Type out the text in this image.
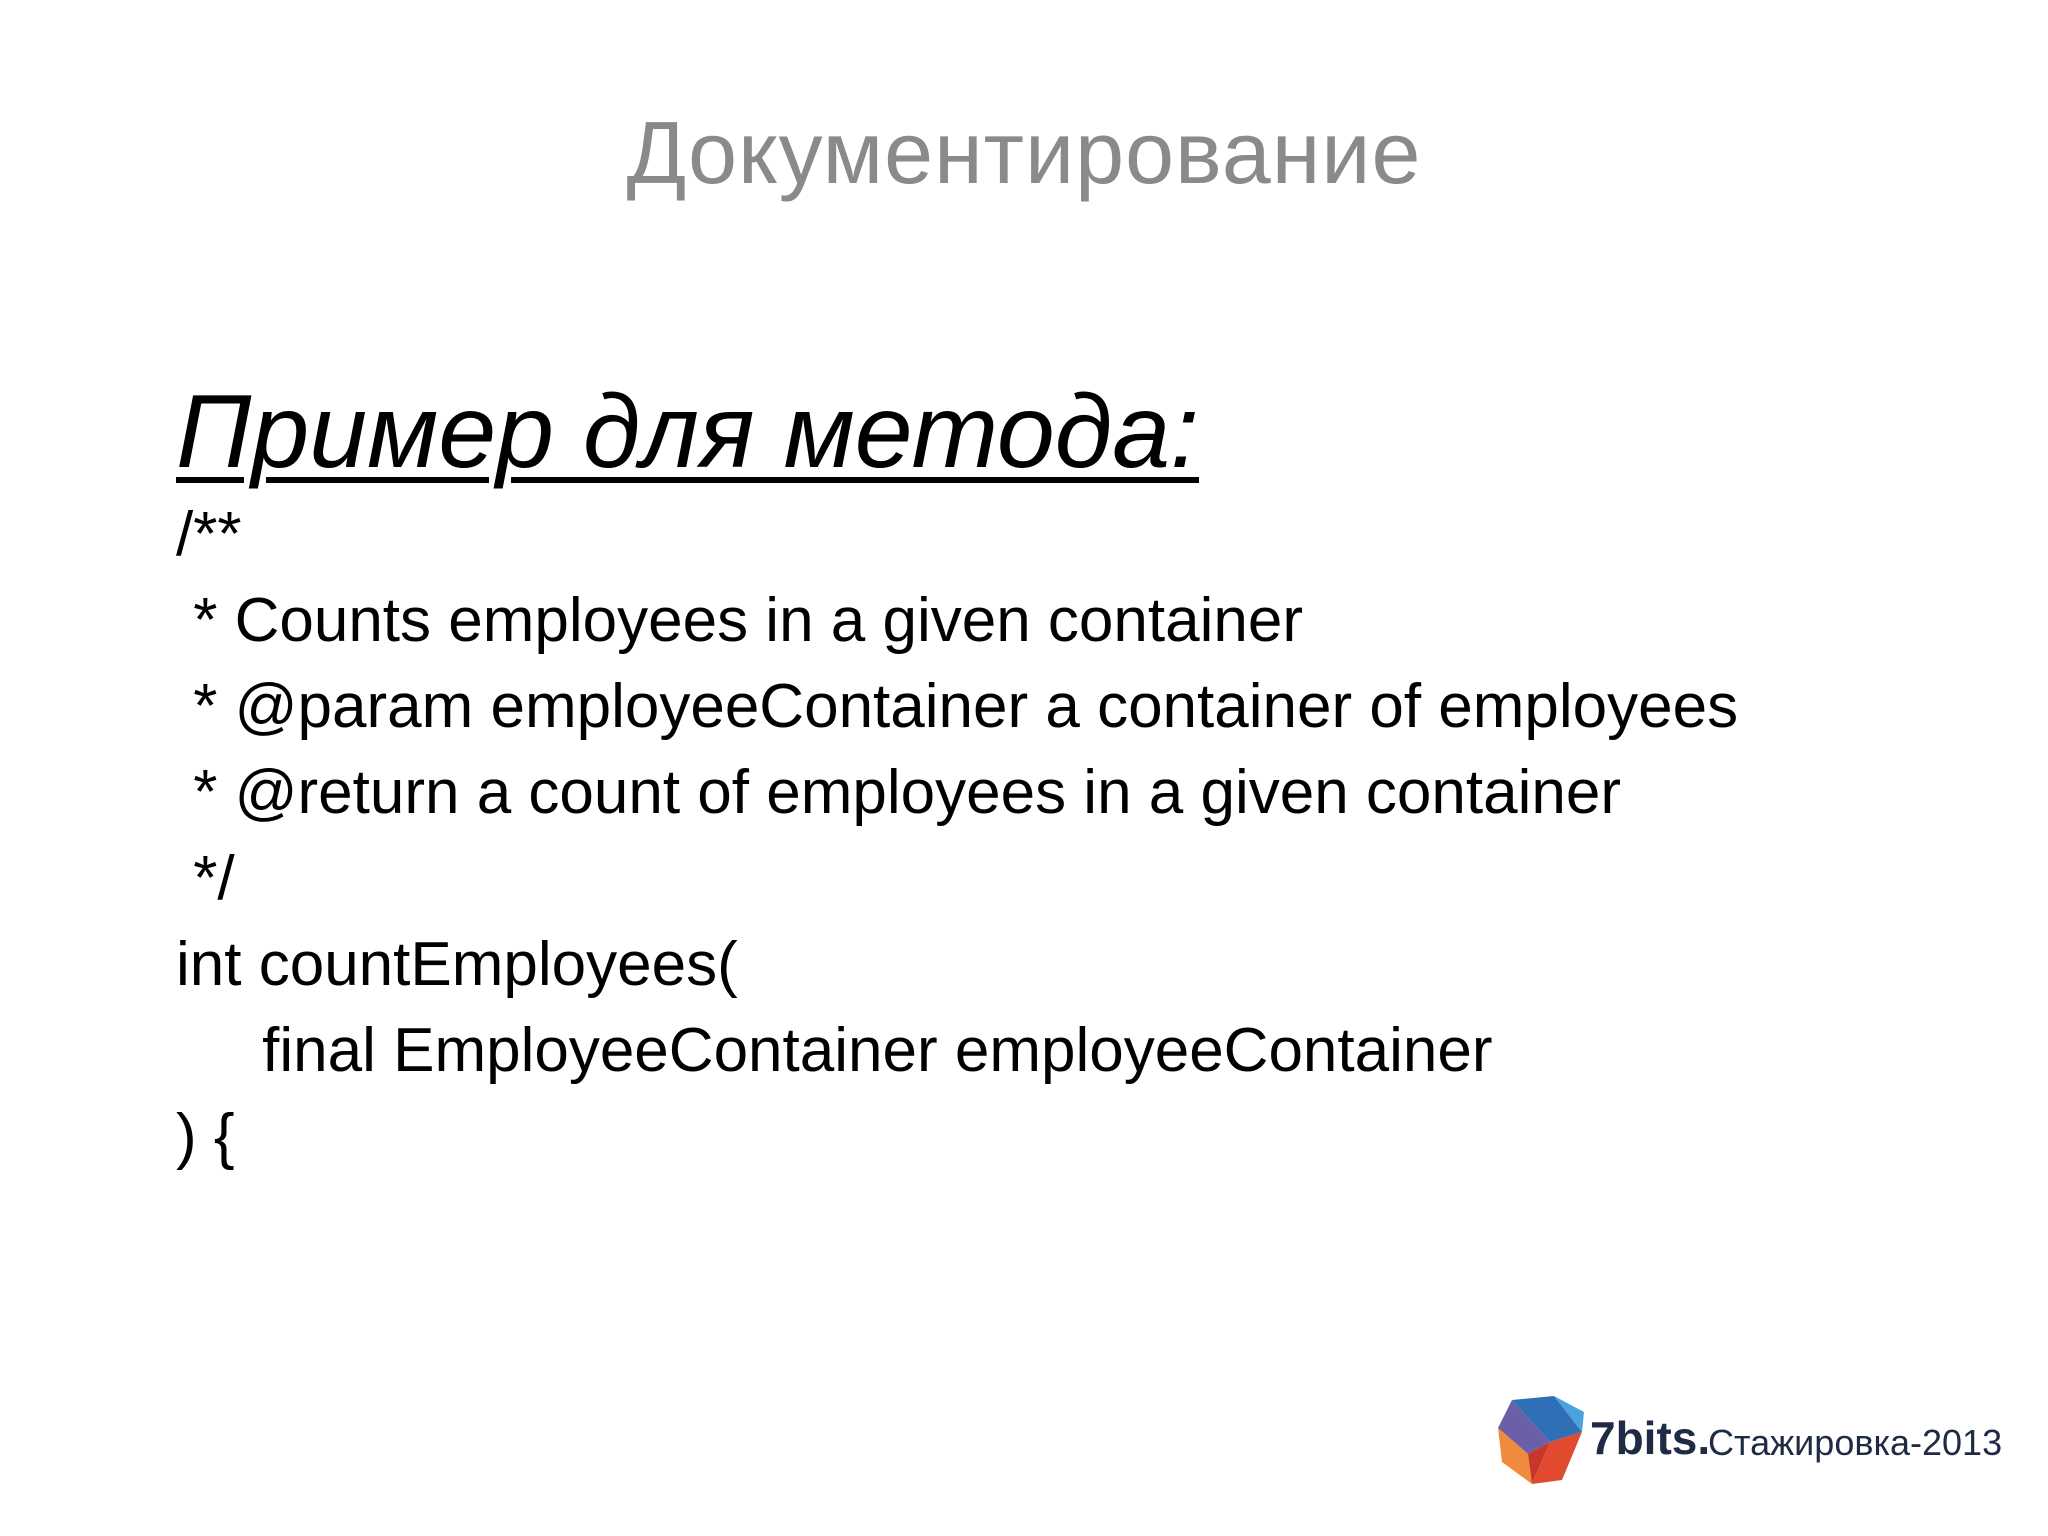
Документирование

Пример для метода:

/**

* Counts employees in a given container

* @param employeeContainer a container of employees

* @return a count of employees in a given container

*/

int countEmployees(

final EmployeeContainer employeeContainer

) {

7bits.
Стажировка-2013
